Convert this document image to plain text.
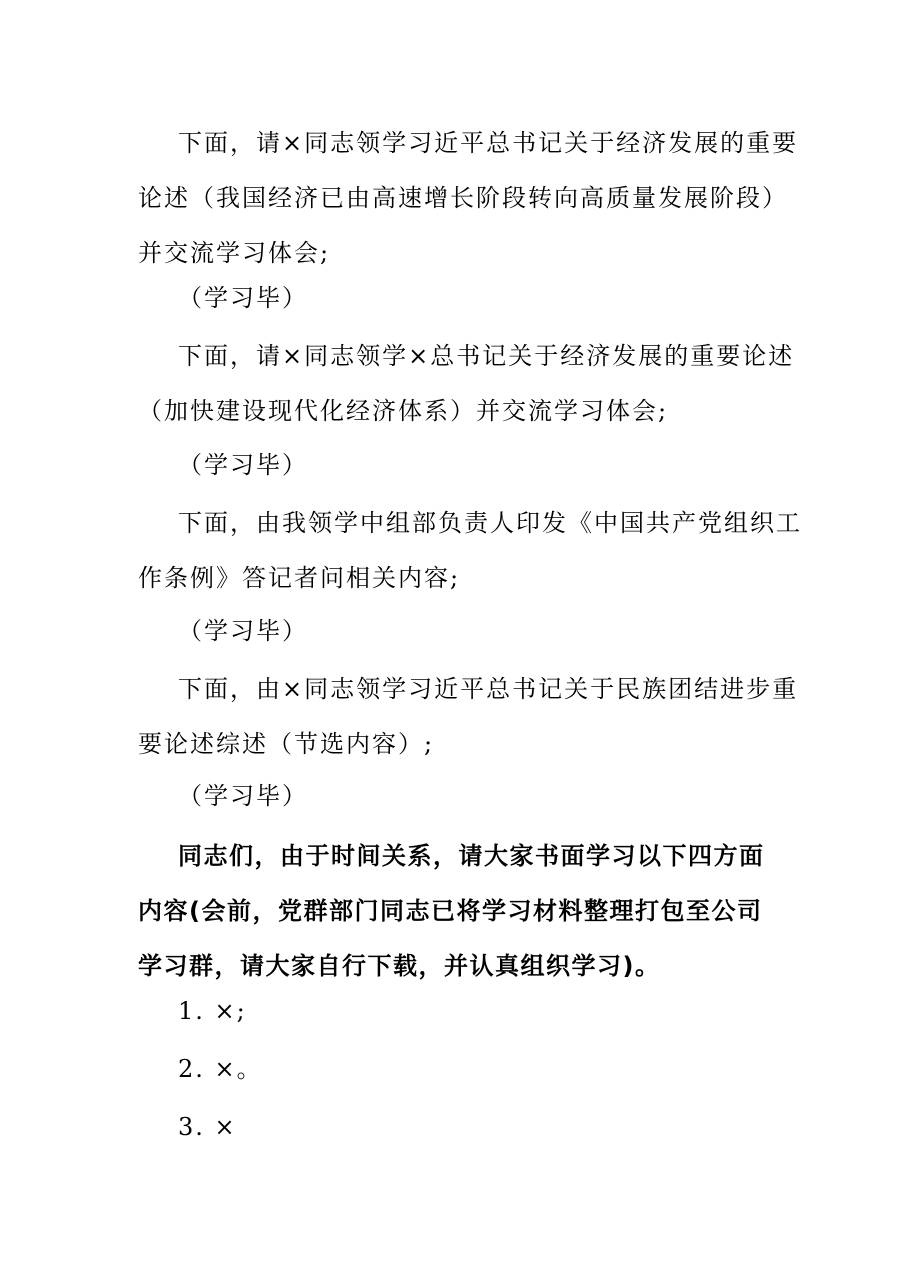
下面，请×同志领学习近平总书记关于经济发展的重要
论述（我国经济已由高速增长阶段转向高质量发展阶段）
并交流学习体会;
（学习毕）
下面，请×同志领学×总书记关于经济发展的重要论述
（加快建设现代化经济体系）并交流学习体会;
（学习毕）
下面，由我领学中组部负责人印发《中国共产党组织工
作条例》答记者问相关内容;
（学习毕）
下面，由×同志领学习近平总书记关于民族团结进步重
要论述综述（节选内容）;
（学习毕）
同志们，由于时间关系，请大家书面学习以下四方面
内容(会前，党群部门同志已将学习材料整理打包至公司
学习群，请大家自行下载，并认真组织学习)。
1. ×;
2. ×。
3. ×
